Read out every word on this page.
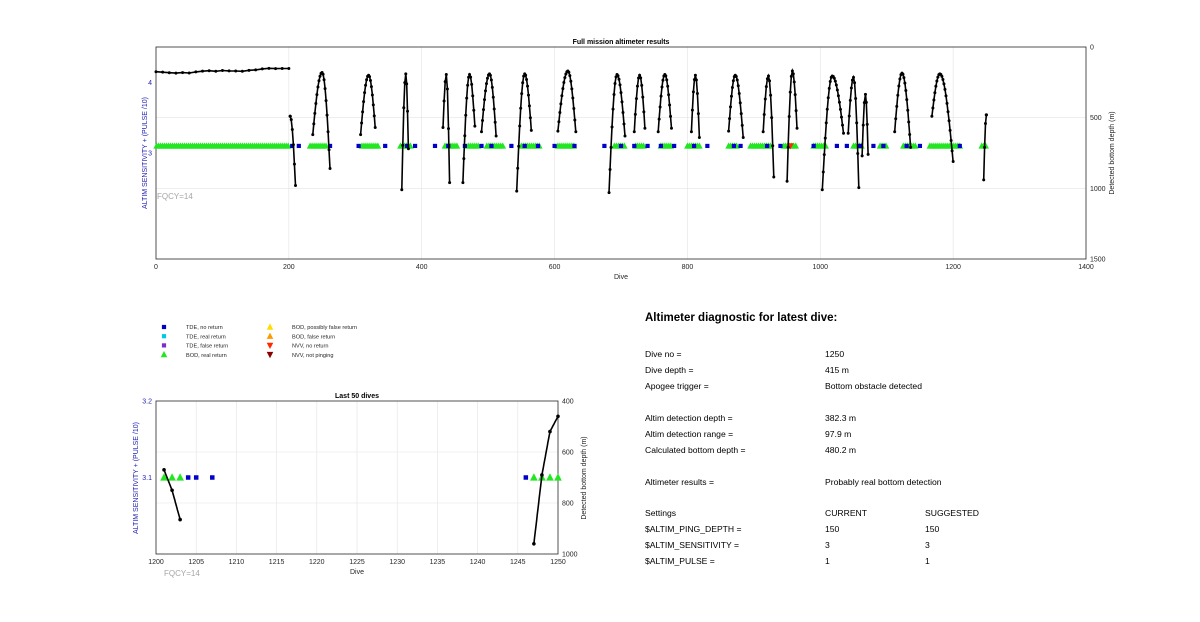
Full mission altimeter results
Dive
ALTIM SENSITIVITY + (PULSE /10)	Detected bottom depth (m)
FQCY=14
0	200	400	600	800	1000	1200	1400
3
4
0
500
1000
1500
TDE, no return
TDE, real return
TDE, false return
BOD, real return
BOD, possibly false return
BOD, false return
NVV, no return
NVV, not pinging
Last 50 dives
Dive
ALTIM SENSITIVITY + (PULSE /10)	Detected bottom depth (m)
FQCY=14
1200	1205	1210	1215	1220	1225	1230	1235	1240	1245	1250
3.1
3.2	400
600
800
1000
Altimeter diagnostic for latest dive:
Dive no =	1250
Dive depth =	415 m
Apogee trigger =	Bottom obstacle detected
Altim detection depth =	382.3 m
Altim detection range =	97.9 m
Calculated bottom depth =	480.2 m
Altimeter results =	Probably real bottom detection
Settings	CURRENT	SUGGESTED
$ALTIM_PING_DEPTH =	150	150
$ALTIM_SENSITIVITY =	3	3
$ALTIM_PULSE =	1	1
